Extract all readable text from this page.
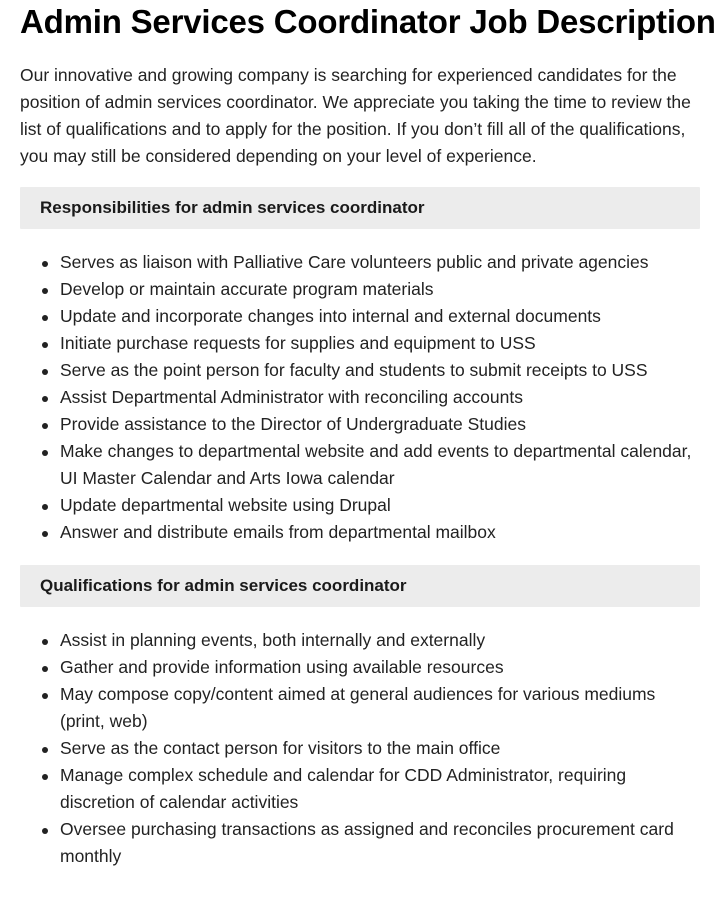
Admin Services Coordinator Job Description

Our innovative and growing company is searching for experienced candidates for the position of admin services coordinator. We appreciate you taking the time to review the list of qualifications and to apply for the position. If you don’t fill all of the qualifications, you may still be considered depending on your level of experience.

Responsibilities for admin services coordinator
Serves as liaison with Palliative Care volunteers public and private agencies
Develop or maintain accurate program materials
Update and incorporate changes into internal and external documents
Initiate purchase requests for supplies and equipment to USS
Serve as the point person for faculty and students to submit receipts to USS
Assist Departmental Administrator with reconciling accounts
Provide assistance to the Director of Undergraduate Studies
Make changes to departmental website and add events to departmental calendar, UI Master Calendar and Arts Iowa calendar
Update departmental website using Drupal
Answer and distribute emails from departmental mailbox
Qualifications for admin services coordinator
Assist in planning events, both internally and externally
Gather and provide information using available resources
May compose copy/content aimed at general audiences for various mediums (print, web)
Serve as the contact person for visitors to the main office
Manage complex schedule and calendar for CDD Administrator, requiring discretion of calendar activities
Oversee purchasing transactions as assigned and reconciles procurement card monthly
